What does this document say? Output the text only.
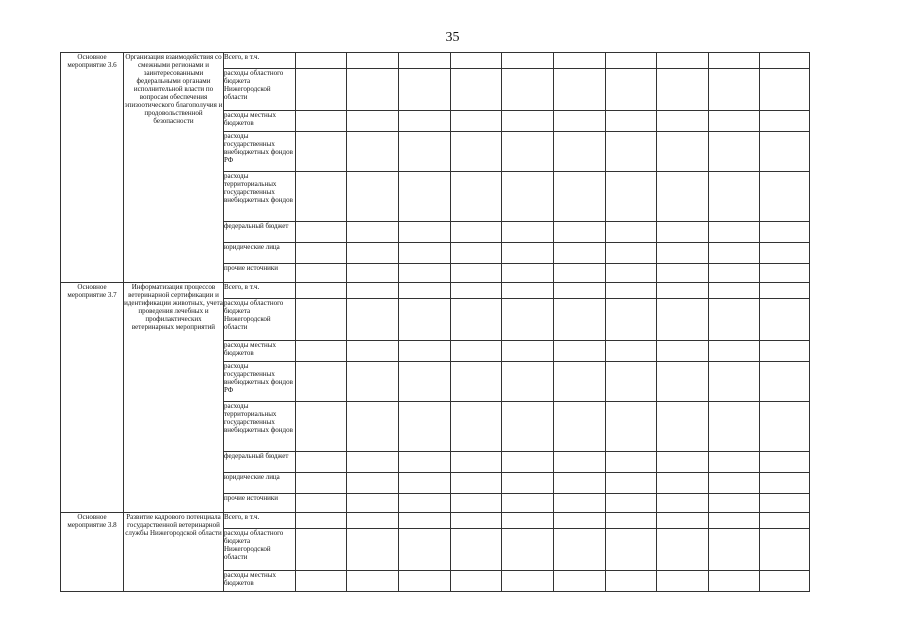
35
Основное мероприятие 3.6	Организация взаимодействия со смежными регионами и заинтересованными федеральными органами исполнительной власти по вопросам обеспечения эпизоотического благополучия и продовольственной безопасности	Всего, в т.ч.										
		расходы областного бюджета Нижегородской области										
		расходы местных бюджетов										
		расходы государственных внебюджетных фондов РФ										
		расходы территориальных государственных внебюджетных фондов										
		федеральный бюджет										
		юридические лица										
		прочие источники										
Основное мероприятие 3.7	Информатизация процессов ветеринарной сертификации и идентификации животных, учета проведения лечебных и профилактических ветеринарных мероприятий	Всего, в т.ч.										
		расходы областного бюджета Нижегородской области										
		расходы местных бюджетов										
		расходы государственных внебюджетных фондов РФ										
		расходы территориальных государственных внебюджетных фондов										
		федеральный бюджет										
		юридические лица										
		прочие источники										
Основное мероприятие 3.8	Развитие кадрового потенциала государственной ветеринарной службы Нижегородской области	Всего, в т.ч.										
		расходы областного бюджета Нижегородской области										
		расходы местных бюджетов										
